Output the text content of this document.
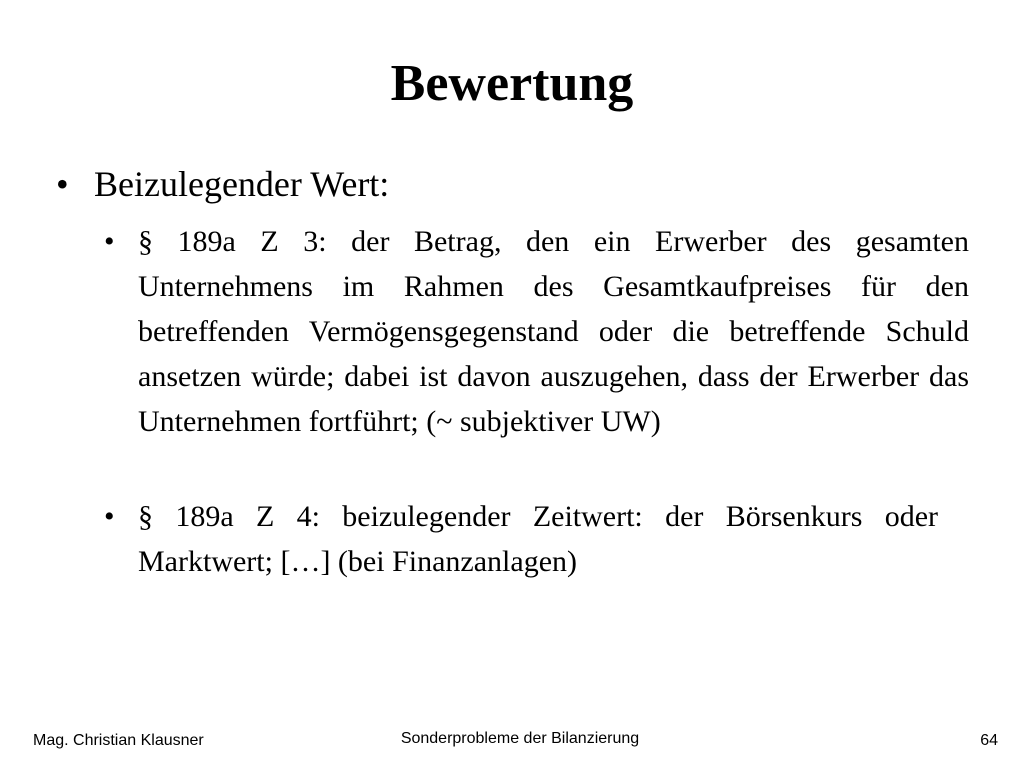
Bewertung
• Beizulegender Wert:
• § 189a Z 3: der Betrag, den ein Erwerber des gesamten Unternehmens im Rahmen des Gesamtkaufpreises für den betreffenden Vermögensgegenstand oder die betreffende Schuld ansetzen würde; dabei ist davon auszugehen, dass der Erwerber das Unternehmen fortführt; (~ subjektiver UW)
• § 189a Z 4: beizulegender Zeitwert: der Börsenkurs oder Marktwert; […] (bei Finanzanlagen)
Mag. Christian Klausner	Sonderprobleme der Bilanzierung	64
